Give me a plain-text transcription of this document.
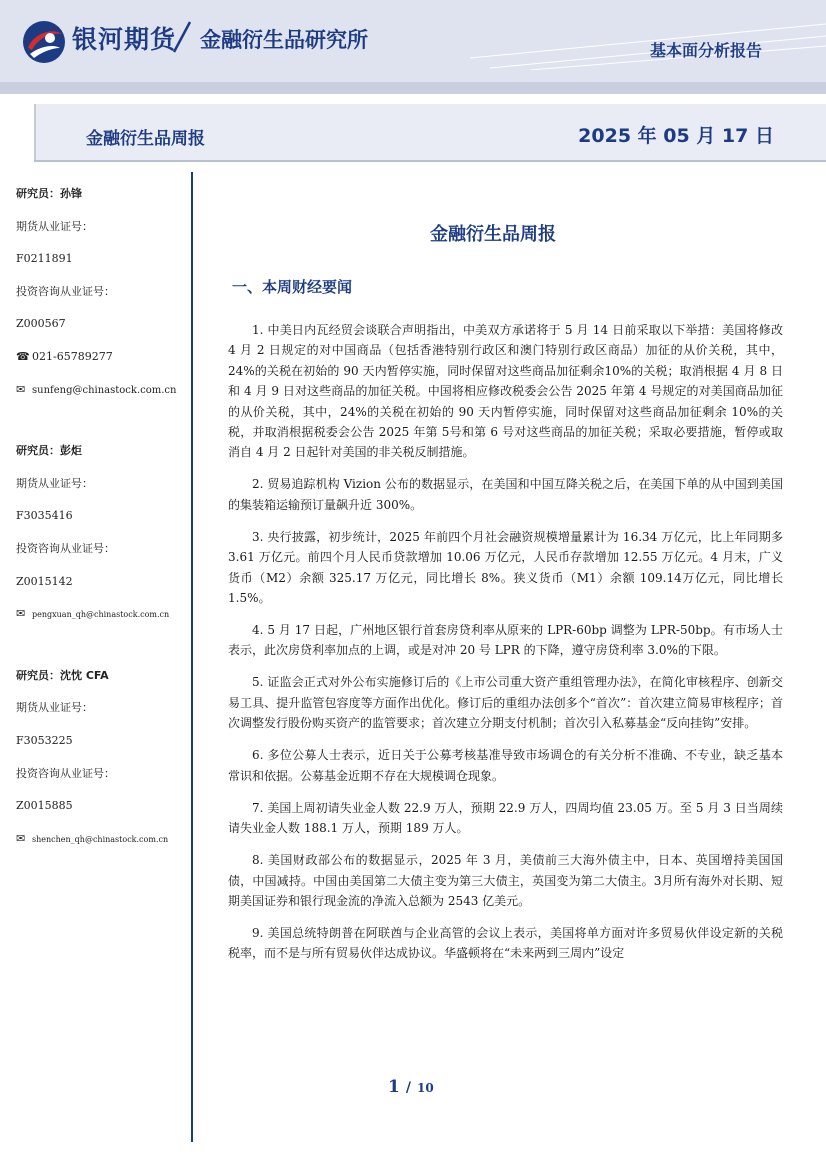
银河期货 金融衍生品研究所	基本面分析报告
金融衍生品周报	2025 年 05 月 17 日
研究员：孙锋
期货从业证号：
F0211891
投资咨询从业证号：
Z000567
☎ 021-65789277
✉ sunfeng@chinastock.com.cn
研究员：彭炬
期货从业证号：
F3035416
投资咨询从业证号：
Z0015142
✉ pengxuan_qh@chinastock.com.cn
研究员：沈忱 CFA
期货从业证号：
F3053225
投资咨询从业证号：
Z0015885
✉ shenchen_qh@chinastock.com.cn
金融衍生品周报
一、本周财经要闻

1. 中美日内瓦经贸会谈联合声明指出，中美双方承诺将于 5 月 14 日前采取以下举措：美国将修改 4 月 2 日规定的对中国商品（包括香港特别行政区和澳门特别行政区商品）加征的从价关税，其中，24%的关税在初始的 90 天内暂停实施，同时保留对这些商品加征剩余10%的关税；取消根据 4 月 8 日和 4 月 9 日对这些商品的加征关税。中国将相应修改税委会公告 2025 年第 4 号规定的对美国商品加征的从价关税，其中，24%的关税在初始的 90 天内暂停实施，同时保留对这些商品加征剩余 10%的关税，并取消根据税委会公告 2025 年第 5号和第 6 号对这些商品的加征关税；采取必要措施，暂停或取消自 4 月 2 日起针对美国的非关税反制措施。

2. 贸易追踪机构 Vizion 公布的数据显示，在美国和中国互降关税之后，在美国下单的从中国到美国的集装箱运输预订量飙升近 300%。

3. 央行披露，初步统计，2025 年前四个月社会融资规模增量累计为 16.34 万亿元，比上年同期多 3.61 万亿元。前四个月人民币贷款增加 10.06 万亿元，人民币存款增加 12.55 万亿元。4 月末，广义货币（M2）余额 325.17 万亿元，同比增长 8%。狭义货币（M1）余额 109.14万亿元，同比增长 1.5%。

4. 5 月 17 日起，广州地区银行首套房贷利率从原来的 LPR-60bp 调整为 LPR-50bp。有市场人士表示，此次房贷利率加点的上调，或是对冲 20 号 LPR 的下降，遵守房贷利率 3.0%的下限。

5. 证监会正式对外公布实施修订后的《上市公司重大资产重组管理办法》，在简化审核程序、创新交易工具、提升监管包容度等方面作出优化。修订后的重组办法创多个“首次”：首次建立简易审核程序；首次调整发行股份购买资产的监管要求；首次建立分期支付机制；首次引入私募基金“反向挂钩”安排。

6. 多位公募人士表示，近日关于公募考核基准导致市场调仓的有关分析不准确、不专业，缺乏基本常识和依据。公募基金近期不存在大规模调仓现象。

7. 美国上周初请失业金人数 22.9 万人，预期 22.9 万人，四周均值 23.05 万。至 5 月 3 日当周续请失业金人数 188.1 万人，预期 189 万人。

8. 美国财政部公布的数据显示，2025 年 3 月，美债前三大海外债主中，日本、英国增持美国国债，中国减持。中国由美国第二大债主变为第三大债主，英国变为第二大债主。3月所有海外对长期、短期美国证券和银行现金流的净流入总额为 2543 亿美元。

9. 美国总统特朗普在阿联酋与企业高管的会议上表示，美国将单方面对许多贸易伙伴设定新的关税税率，而不是与所有贸易伙伴达成协议。华盛顿将在“未来两到三周内”设定

1 / 10
